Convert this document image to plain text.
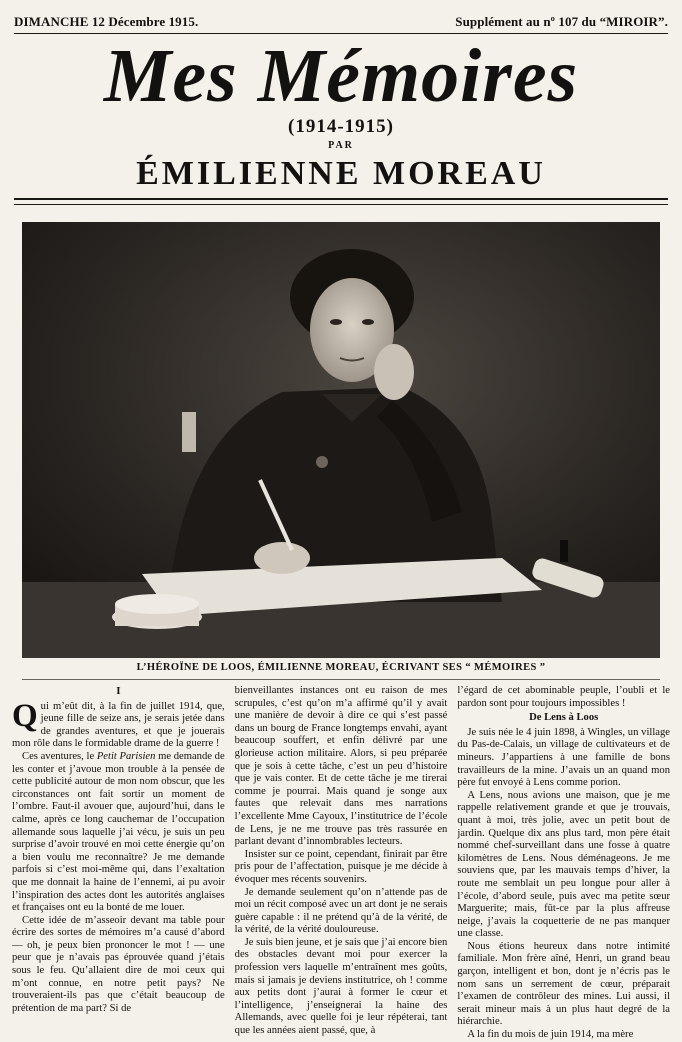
DIMANCHE 12 Décembre 1915.	Supplément au nº 107 du “MIROIR”.
Mes Mémoires
(1914-1915)
PAR
ÉMILIENNE MOREAU
L’HÉROÏNE DE LOOS, ÉMILIENNE MOREAU, ÉCRIVANT SES “ MÉMOIRES ”
I

Qui m’eût dit, à la fin de juillet 1914, que, jeune fille de seize ans, je serais jetée dans de grandes aventures, et que je jouerais mon rôle dans le formidable drame de la guerre !

Ces aventures, le Petit Parisien me demande de les conter et j’avoue mon trouble à la pensée de cette publicité autour de mon nom obscur, que les circonstances ont fait sortir un moment de l’ombre. Faut-il avouer que, aujourd’hui, dans le calme, après ce long cauchemar de l’occupation allemande sous laquelle j’ai vécu, je suis un peu surprise d’avoir trouvé en moi cette énergie qu’on a bien voulu me reconnaître? Je me demande parfois si c’est moi-même qui, dans l’exaltation que me donnait la haine de l’ennemi, ai pu avoir l’inspiration des actes dont les autorités anglaises et françaises ont eu la bonté de me louer.

Cette idée de m’asseoir devant ma table pour écrire des sortes de mémoires m’a causé d’abord — oh, je peux bien prononcer le mot ! — une peur que je n’avais pas éprouvée quand j’étais sous le feu. Qu’allaient dire de moi ceux qui m’ont connue, en notre petit pays? Ne trouveraient-ils pas que c’était beaucoup de prétention de ma part? Si de

bienveillantes instances ont eu raison de mes scrupules, c’est qu’on m’a affirmé qu’il y avait une manière de devoir à dire ce qui s’est passé dans un bourg de France longtemps envahi, ayant beaucoup souffert, et enfin délivré par une glorieuse action militaire. Alors, si peu préparée que je sois à cette tâche, c’est un peu d’histoire que je vais conter. Et de cette tâche je me tirerai comme je pourrai. Mais quand je songe aux fautes que relevait dans mes narrations l’excellente Mme Cayoux, l’institutrice de l’école de Lens, je ne me trouve pas très rassurée en parlant devant d’innombrables lecteurs.

Insister sur ce point, cependant, finirait par être pris pour de l’affectation, puisque je me décide à évoquer mes récents souvenirs.

Je demande seulement qu’on n’attende pas de moi un récit composé avec un art dont je ne serais guère capable : il ne prétend qu’à de la vérité, de la vérité, de la vérité douloureuse.

Je suis bien jeune, et je sais que j’ai encore bien des obstacles devant moi pour exercer la profession vers laquelle m’entraînent mes goûts, mais si jamais je deviens institutrice, oh ! comme aux petits dont j’aurai à former le cœur et l’intelligence, j’enseignerai la haine des Allemands, avec quelle foi je leur répéterai, tant que les années aient passé, que, à

l’égard de cet abominable peuple, l’oubli et le pardon sont pour toujours impossibles !

De Lens à Loos

Je suis née le 4 juin 1898, à Wingles, un village du Pas-de-Calais, un village de cultivateurs et de mineurs. J’appartiens à une famille de bons travailleurs de la mine. J’avais un an quand mon père fut envoyé à Lens comme porion.

A Lens, nous avions une maison, que je me rappelle relativement grande et que je trouvais, quant à moi, très jolie, avec un petit bout de jardin. Quelque dix ans plus tard, mon père était nommé chef-surveillant dans une fosse à quatre kilomètres de Lens. Nous déménageons. Je me souviens que, par les mauvais temps d’hiver, la route me semblait un peu longue pour aller à l’école, d’abord seule, puis avec ma petite sœur Marguerite; mais, fût-ce par la plus affreuse neige, j’avais la coquetterie de ne pas manquer une classe.

Nous étions heureux dans notre intimité familiale. Mon frère aîné, Henri, un grand beau garçon, intelligent et bon, dont je n’écris pas le nom sans un serrement de cœur, préparait l’examen de contrôleur des mines. Lui aussi, il serait mineur mais à un plus haut degré de la hiérarchie.

A la fin du mois de juin 1914, ma mère
